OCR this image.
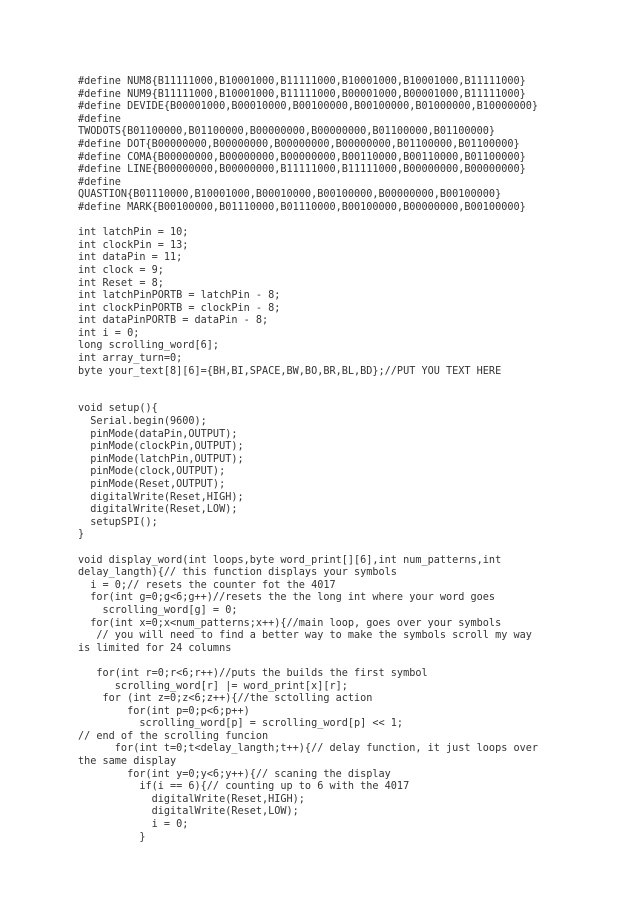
#define NUM8{B11111000,B10001000,B11111000,B10001000,B10001000,B11111000}
#define NUM9{B11111000,B10001000,B11111000,B00001000,B00001000,B11111000}
#define DEVIDE{B00001000,B00010000,B00100000,B00100000,B01000000,B10000000}
#define
TWODOTS{B01100000,B01100000,B00000000,B00000000,B01100000,B01100000}
#define DOT{B00000000,B00000000,B00000000,B00000000,B01100000,B01100000}
#define COMA{B00000000,B00000000,B00000000,B00110000,B00110000,B01100000}
#define LINE{B00000000,B00000000,B11111000,B11111000,B00000000,B00000000}
#define
QUASTION{B01110000,B10001000,B00010000,B00100000,B00000000,B00100000}
#define MARK{B00100000,B01110000,B01110000,B00100000,B00000000,B00100000}
int latchPin = 10;
int clockPin = 13;
int dataPin = 11;
int clock = 9;
int Reset = 8;
int latchPinPORTB = latchPin - 8;
int clockPinPORTB = clockPin - 8;
int dataPinPORTB = dataPin - 8;
int i = 0;
long scrolling_word[6];
int array_turn=0;
byte your_text[8][6]={BH,BI,SPACE,BW,BO,BR,BL,BD};//PUT YOU TEXT HERE
void setup(){
Serial.begin(9600);
pinMode(dataPin,OUTPUT);
pinMode(clockPin,OUTPUT);
pinMode(latchPin,OUTPUT);
pinMode(clock,OUTPUT);
pinMode(Reset,OUTPUT);
digitalWrite(Reset,HIGH);
digitalWrite(Reset,LOW);
setupSPI();
}
void display_word(int loops,byte word_print[][6],int num_patterns,int
delay_langth){// this function displays your symbols
i = 0;// resets the counter fot the 4017
for(int g=0;g<6;g++)//resets the the long int where your word goes
scrolling_word[g] = 0;
for(int x=0;x<num_patterns;x++){//main loop, goes over your symbols
// you will need to find a better way to make the symbols scroll my way
is limited for 24 columns
for(int r=0;r<6;r++)//puts the builds the first symbol
scrolling_word[r] |= word_print[x][r];
for (int z=0;z<6;z++){//the sctolling action
for(int p=0;p<6;p++)
scrolling_word[p] = scrolling_word[p] << 1;
// end of the scrolling funcion
for(int t=0;t<delay_langth;t++){// delay function, it just loops over
the same display
for(int y=0;y<6;y++){// scaning the display
if(i == 6){// counting up to 6 with the 4017
digitalWrite(Reset,HIGH);
digitalWrite(Reset,LOW);
i = 0;
}
